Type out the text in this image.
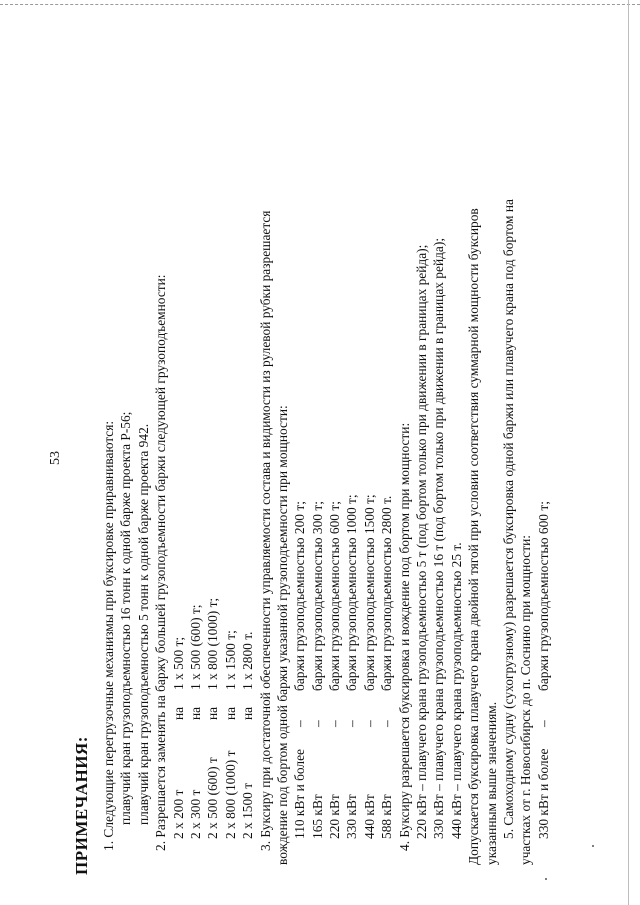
53
ПРИМЕЧАНИЯ: 1. Следующие перегрузочные механизмы при буксировке приравниваются: плавучий кран грузоподъемностью 16 тонн к одной барже проекта Р-56; плавучий кран грузоподъемностью 5 тонн к одной барже проекта 942. 2. Разрешается заменять на баржу большей грузоподъемности баржи следующей грузоподъемности: 2 х 200 т
на
1 х 500 т;
2 х 300 т
на
1 х 500 (600) т;
2 х 500 (600) т
на
1 х 800 (1000) т;
2 х 800 (1000) т
на
1 х 1500 т;
2 х 1500 т
на
1 х 2800 т. 3. Буксиру при достаточной обеспеченности управляемости состава и видимости из рулевой рубки разрешается вождение под бортом одной баржи указанной грузоподъемности при мощности: 110 кВт и более
–
баржи грузоподъемностью 200 т;
165 кВт
–
баржи грузоподъемностью 300 т;
220 кВт
–
баржи грузоподъемностью 600 т;
330 кВт
–
баржи грузоподъемностью 1000 т;
440 кВт
–
баржи грузоподъемностью 1500 т;
588 кВт
–
баржи грузоподъемностью 2800 т. 4. Буксиру разрешается буксировка и вождение под бортом при мощности: 220 кВт – плавучего крана грузоподъемностью 5 т (под бортом только при движении в границах рейда); 330 кВт – плавучего крана грузоподъемностью 16 т (под бортом только при движении в границах рейда); 440 кВт – плавучего крана грузоподъемностью 25 т. Допускается буксировка плавучего крана двойной тягой при условии соответствия суммарной мощности буксиров указанным выше значениям. 5. Самоходному судну (сухогрузному) разрешается буксировка одной баржи или плавучего крана под бортом на участках от г. Новосибирск до п. Соснино при мощности: 330 кВт и более
–
баржи грузоподъемностью 600 т;
